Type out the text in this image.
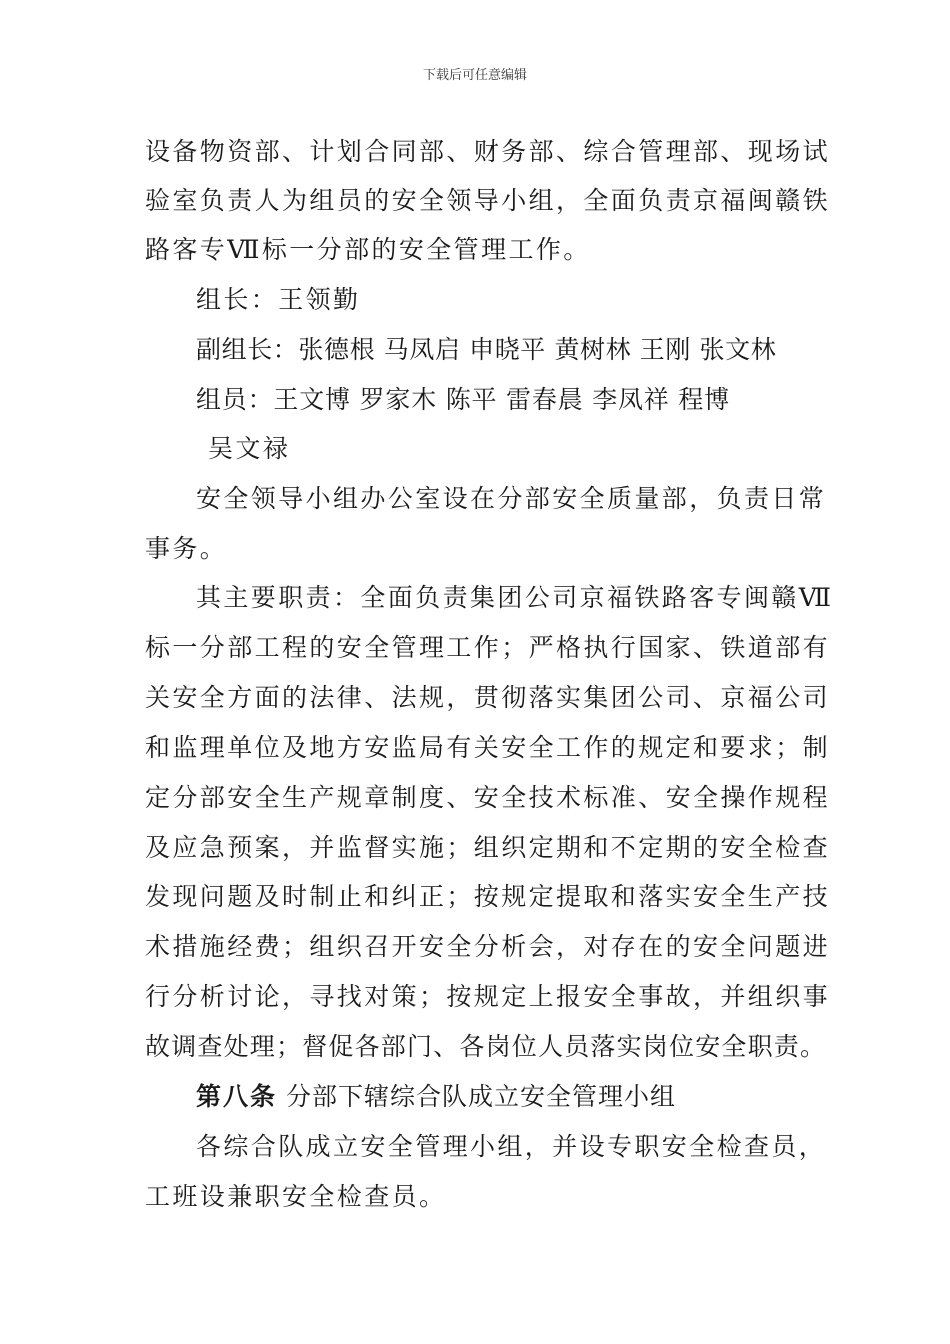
下载后可任意编辑
设备物资部、计划合同部、财务部、综合管理部、现场试
验室负责人为组员的安全领导小组，全面负责京福闽赣铁
路客专Ⅶ标一分部的安全管理工作。
组长：王领勤
副组长：张德根 马凤启 申晓平 黄树林 王刚 张文林
组员：王文博 罗家木 陈平 雷春晨 李凤祥 程博
吴文禄
安全领导小组办公室设在分部安全质量部，负责日常
事务。
其主要职责：全面负责集团公司京福铁路客专闽赣Ⅶ
标一分部工程的安全管理工作；严格执行国家、铁道部有
关安全方面的法律、法规，贯彻落实集团公司、京福公司
和监理单位及地方安监局有关安全工作的规定和要求；制
定分部安全生产规章制度、安全技术标准、安全操作规程
及应急预案，并监督实施；组织定期和不定期的安全检查
发现问题及时制止和纠正；按规定提取和落实安全生产技
术措施经费；组织召开安全分析会，对存在的安全问题进
行分析讨论，寻找对策；按规定上报安全事故，并组织事
故调查处理；督促各部门、各岗位人员落实岗位安全职责。
第八条 分部下辖综合队成立安全管理小组
各综合队成立安全管理小组，并设专职安全检查员，
工班设兼职安全检查员。
